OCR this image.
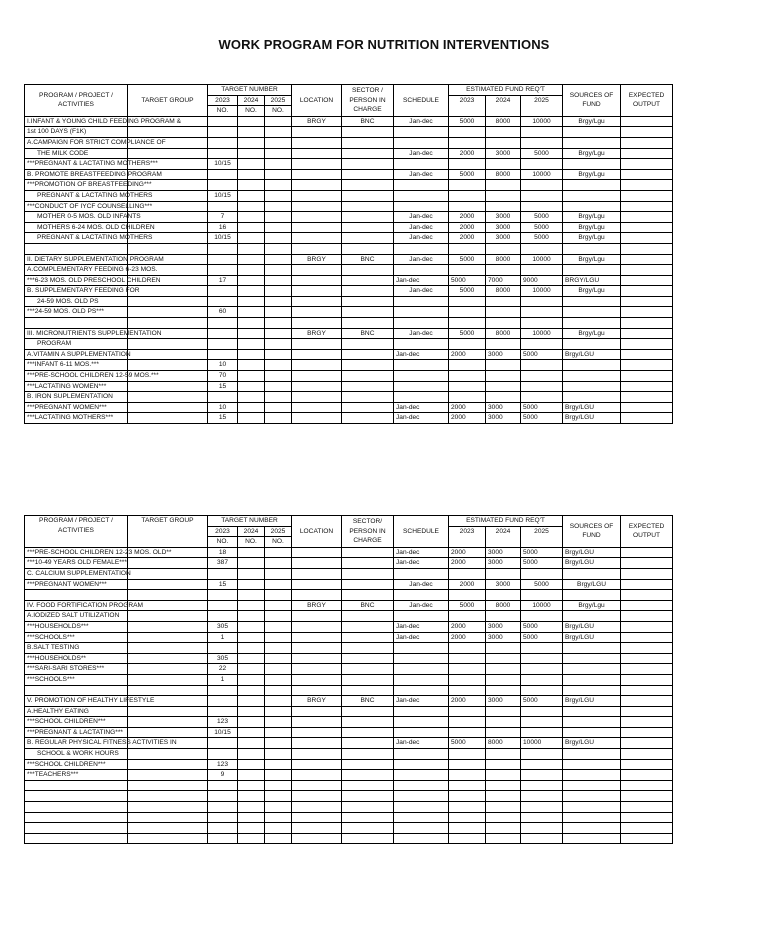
WORK PROGRAM FOR NUTRITION INTERVENTIONS
PROGRAM / PROJECT / ACTIVITIES	TARGET GROUP	TARGET NUMBER			LOCATION	SECTOR / PERSON IN CHARGE	SCHEDULE	ESTIMATED FUND REQ'T			SOURCES OF FUND	EXPECTED OUTPUT
		2023	2024	2025				2023	2024	2025		
		NO.	NO.	NO.								
I.INFANT & YOUNG CHILD FEEDING PROGRAM &					BRGY	BNC	Jan-dec	5000	8000	10000	Brgy/Lgu	
1st 100 DAYS (F1K)												
A.CAMPAIGN FOR STRICT COMPLIANCE OF												
THE MILK CODE							Jan-dec	2000	3000	5000	Brgy/Lgu	
***PREGNANT & LACTATING MOTHERS***		10/15										
B. PROMOTE BREASTFEEDING PROGRAM							Jan-dec	5000	8000	10000	Brgy/Lgu	
***PROMOTION OF BREASTFEEDING***												
PREGNANT & LACTATING MOTHERS		10/15										
***CONDUCT OF IYCF COUNSELLING***												
MOTHER 0-5 MOS. OLD INFANTS		7					Jan-dec	2000	3000	5000	Brgy/Lgu	
MOTHERS 6-24 MOS. OLD CHILDREN		16					Jan-dec	2000	3000	5000	Brgy/Lgu	
PREGNANT & LACTATING MOTHERS		10/15					Jan-dec	2000	3000	5000	Brgy/Lgu	

II. DIETARY SUPPLEMENTATION PROGRAM					BRGY	BNC	Jan-dec	5000	8000	10000	Brgy/Lgu	
A.COMPLEMENTARY FEEDING 6-23 MOS.												
***6-23 MOS. OLD PRESCHOOL CHILDREN		17					Jan-dec	5000	7000	9000	BRGY/LGU	
B. SUPPLEMENTARY FEEDING FOR							Jan-dec	5000	8000	10000	Brgy/Lgu	
24-59 MOS. OLD PS												
***24-59 MOS. OLD PS***		60										

III. MICRONUTRIENTS SUPPLEMENTATION					BRGY	BNC	Jan-dec	5000	8000	10000	Brgy/Lgu	
PROGRAM												
A.VITAMIN A SUPPLEMENTATION							Jan-dec	2000	3000	5000	Brgy/LGU	
***INFANT 6-11 MOS.***		10										
***PRE-SCHOOL CHILDREN 12-59 MOS.***		70										
***LACTATING WOMEN***		15										
B. IRON SUPLEMENTATION												
***PREGNANT WOMEN***		10					Jan-dec	2000	3000	5000	Brgy/LGU	
***LACTATING MOTHERS***		15					Jan-dec	2000	3000	5000	Brgy/LGU	
PROGRAM / PROJECT / ACTIVITIES	TARGET GROUP	TARGET NUMBER			LOCATION	SECTOR/ PERSON IN CHARGE	SCHEDULE	ESTIMATED FUND REQ'T			SOURCES OF FUND	EXPECTED OUTPUT
		2023	2024	2025				2023	2024	2025		
		NO.	NO.	NO.								
***PRE-SCHOOL CHILDREN 12-23 MOS. OLD**		18					Jan-dec	2000	3000	5000	Brgy/LGU	
***10-49 YEARS OLD FEMALE***		387					Jan-dec	2000	3000	5000	Brgy/LGU	
C. CALCIUM SUPPLEMENTATION												
***PREGNANT WOMEN***		15					Jan-dec	2000	3000	5000	Brgy/LGU	

IV. FOOD FORTIFICATION PROGRAM					BRGY	BNC	Jan-dec	5000	8000	10000	Brgy/Lgu	
A.IODIZED SALT UTILIZATION												
***HOUSEHOLDS***		305					Jan-dec	2000	3000	5000	Brgy/LGU	
***SCHOOLS***		1					Jan-dec	2000	3000	5000	Brgy/LGU	
B.SALT TESTING												
***HOUSEHOLDS**		305										
***SARI-SARI STORES***		22										
***SCHOOLS***		1										

V. PROMOTION OF HEALTHY LIFESTYLE					BRGY	BNC	Jan-dec	2000	3000	5000	Brgy/LGU	
A.HEALTHY EATING												
***SCHOOL CHILDREN***		123										
***PREGNANT & LACTATING***		10/15										
B. REGULAR PHYSICAL FITNESS ACTIVITIES IN							Jan-dec	5000	8000	10000	Brgy/LGU	
SCHOOL & WORK HOURS												
***SCHOOL CHILDREN***		123										
***TEACHERS***		9										
